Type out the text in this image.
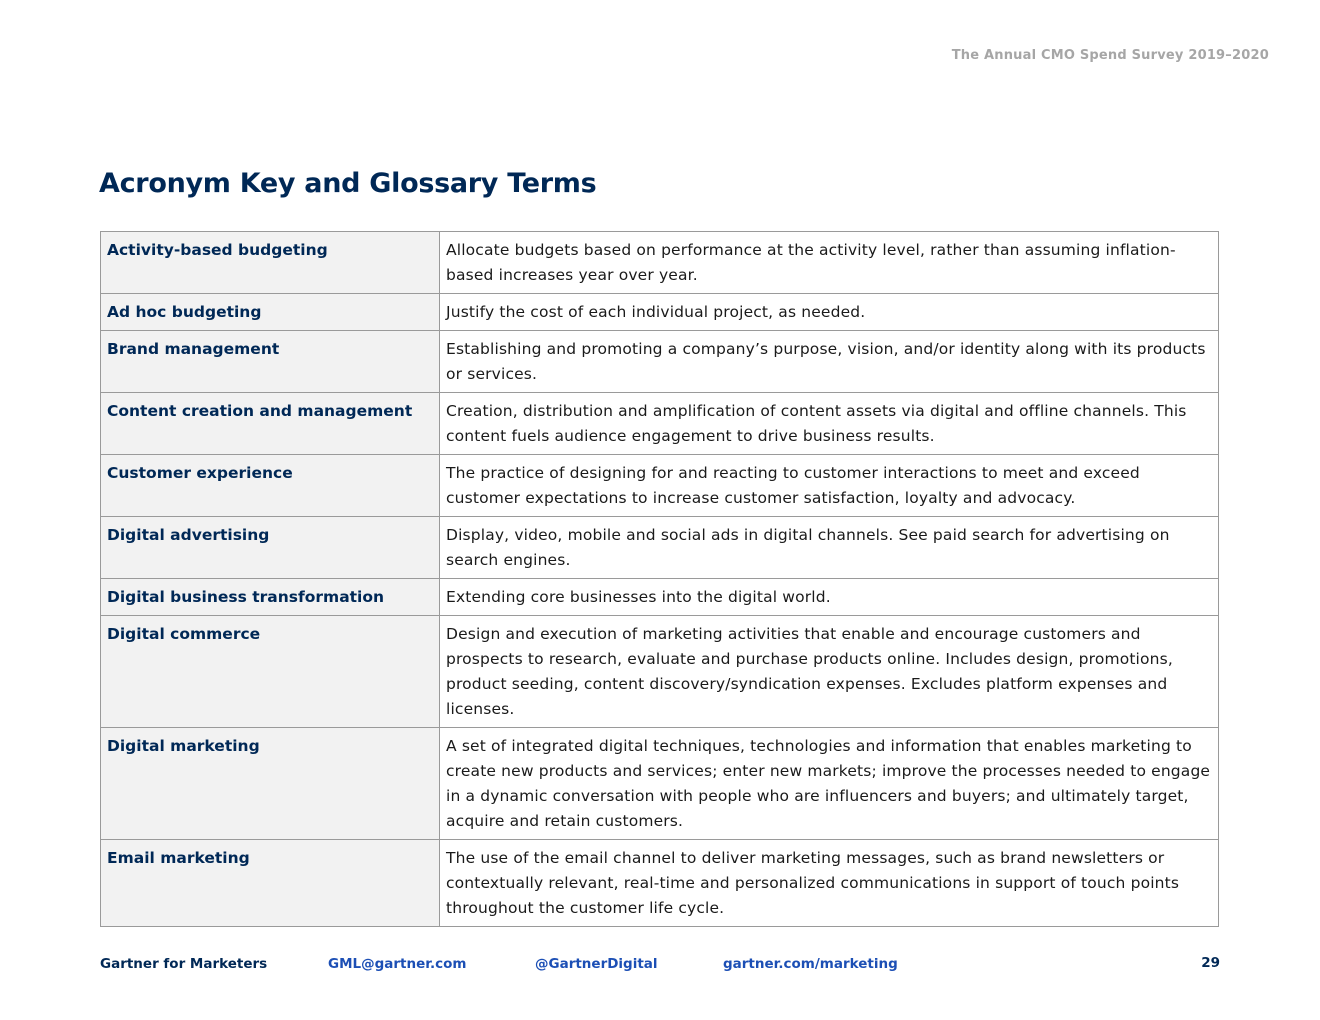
The Annual CMO Spend Survey 2019–2020
Acronym Key and Glossary Terms
Activity-based budgeting	Allocate budgets based on performance at the activity level, rather than assuming inflation-based increases year over year.
Ad hoc budgeting	Justify the cost of each individual project, as needed.
Brand management	Establishing and promoting a company’s purpose, vision, and/or identity along with its products or services.
Content creation and management	Creation, distribution and amplification of content assets via digital and offline channels. This content fuels audience engagement to drive business results.
Customer experience	The practice of designing for and reacting to customer interactions to meet and exceed customer expectations to increase customer satisfaction, loyalty and advocacy.
Digital advertising	Display, video, mobile and social ads in digital channels. See paid search for advertising on search engines.
Digital business transformation	Extending core businesses into the digital world.
Digital commerce	Design and execution of marketing activities that enable and encourage customers and prospects to research, evaluate and purchase products online. Includes design, promotions, product seeding, content discovery/syndication expenses. Excludes platform expenses and licenses.
Digital marketing	A set of integrated digital techniques, technologies and information that enables marketing to create new products and services; enter new markets; improve the processes needed to engage in a dynamic conversation with people who are influencers and buyers; and ultimately target, acquire and retain customers.
Email marketing	The use of the email channel to deliver marketing messages, such as brand newsletters or contextually relevant, real-time and personalized communications in support of touch points throughout the customer life cycle.
Gartner for Marketers	GML@gartner.com	@GartnerDigital	gartner.com/marketing	29
